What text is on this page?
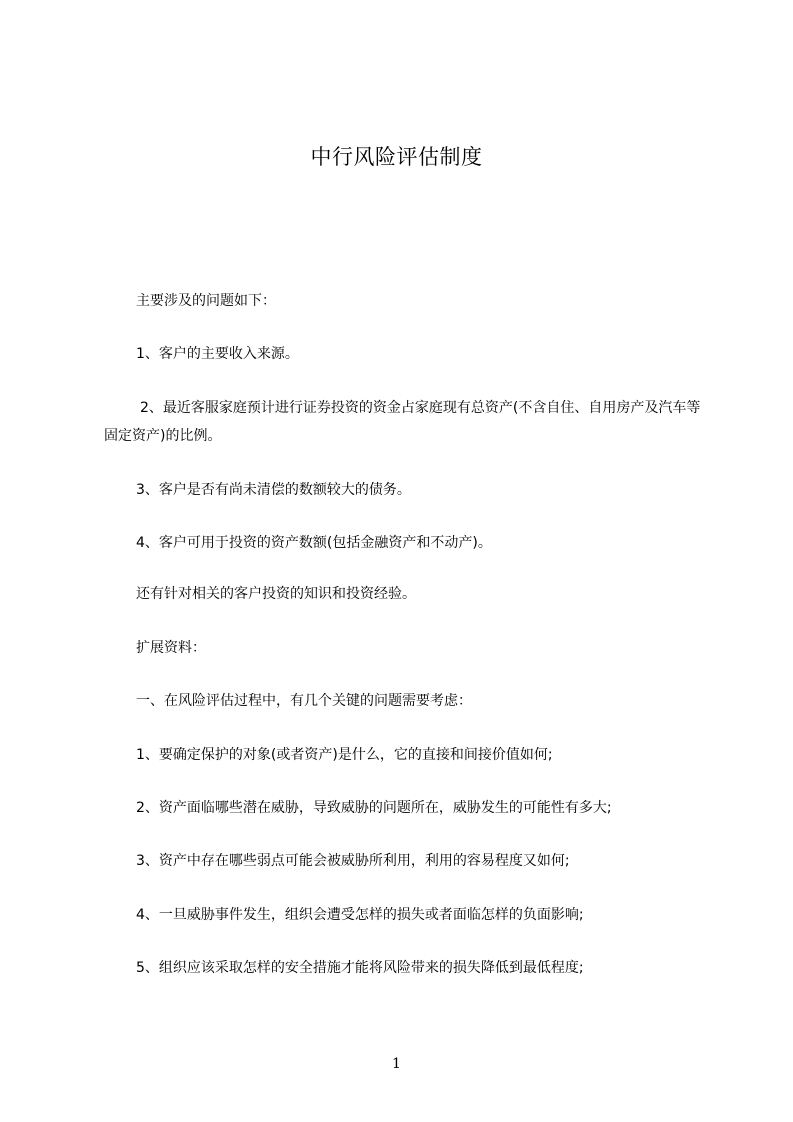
中行风险评估制度
主要涉及的问题如下：
1、客户的主要收入来源。
2、最近客服家庭预计进行证券投资的资金占家庭现有总资产(不含自住、自用房产及汽车等固定资产)的比例。
3、客户是否有尚未清偿的数额较大的债务。
4、客户可用于投资的资产数额(包括金融资产和不动产)。
还有针对相关的客户投资的知识和投资经验。
扩展资料：
一、在风险评估过程中，有几个关键的问题需要考虑：
1、要确定保护的对象(或者资产)是什么，它的直接和间接价值如何;
2、资产面临哪些潜在威胁，导致威胁的问题所在，威胁发生的可能性有多大;
3、资产中存在哪些弱点可能会被威胁所利用，利用的容易程度又如何;
4、一旦威胁事件发生，组织会遭受怎样的损失或者面临怎样的负面影响;
5、组织应该采取怎样的安全措施才能将风险带来的损失降低到最低程度;
1
